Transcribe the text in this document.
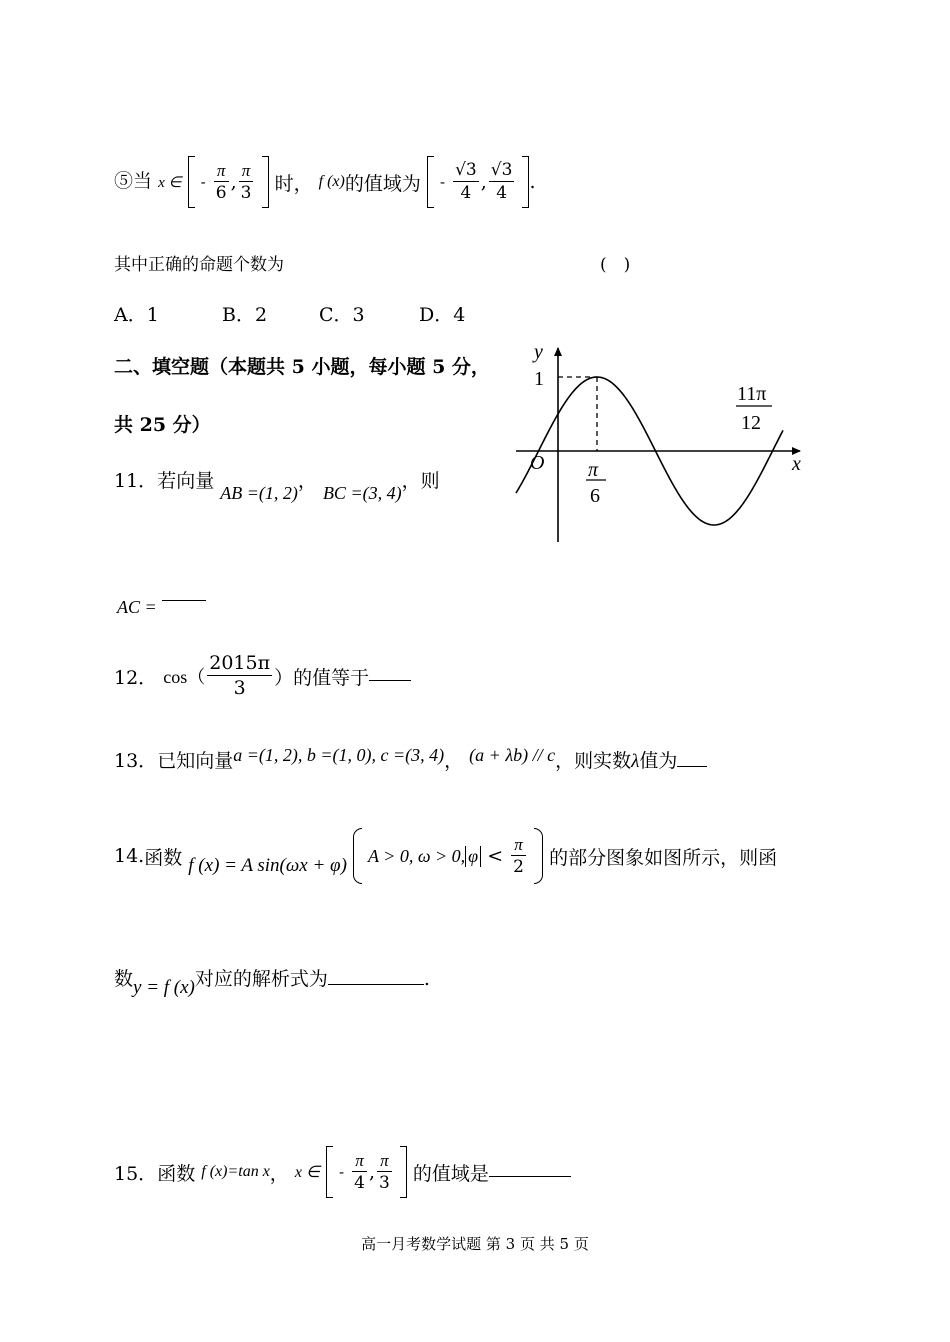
⑤当 x ∈ - $\frac{\pi}{6}$ , $\frac{\pi}{3}$ 时， f (x)的值域为 - $\frac{√3}{4}$ , $\frac{√3}{4}$ .
其中正确的命题个数为	(　)
A．1	B．2	C．3	D．4
二、填空题（本题共 5 小题，每小题 5 分，
共 25 分）
11．若向量 AB =(1, 2)， BC =(3, 4)，则
AC =
12． $\cos( \frac{2015\pi}{3}$ ）的值等于
13．已知向量a =(1, 2), b =(1, 0), c =(3, 4)， (a + λb) // c，则实数λ值为
14.函数 f (x) = A sin(ωx + φ) A > 0, ω > 0, $\varphi < \frac{\pi}{2}$ 的部分图象如图所示，则函
数y = f (x)对应的解析式为	.
15．函数 f (x)=tan x， x ∈ - $\frac{\pi}{4}$ , $\frac{\pi}{3}$ 的值域是
y
x
O
1
π
6
11π
12
高一月考数学试题 第 3 页 共 5 页
